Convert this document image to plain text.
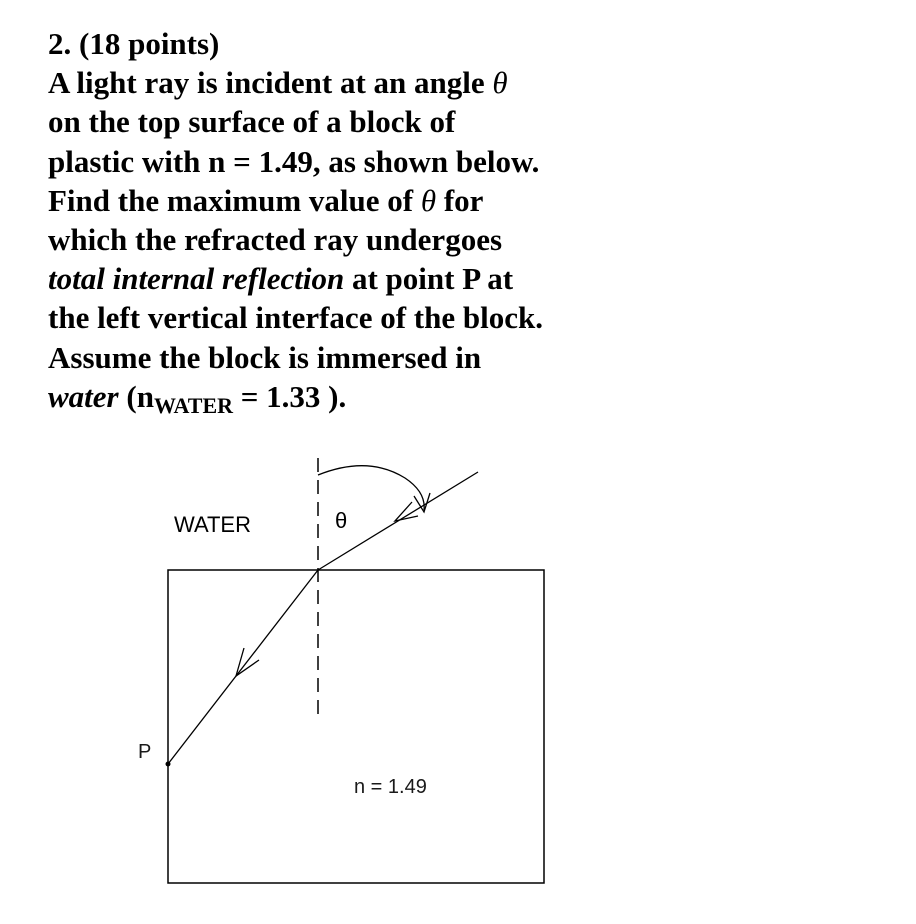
2. (18 points)
A light ray is incident at an angle θ
on the top surface of a block of
plastic with n = 1.49, as shown below.
Find the maximum value of θ for
which the refracted ray undergoes
total internal reflection at point P at
the left vertical interface of the block.
Assume the block is immersed in
water (nWATER = 1.33 ).
WATER	θ
P
n = 1.49
